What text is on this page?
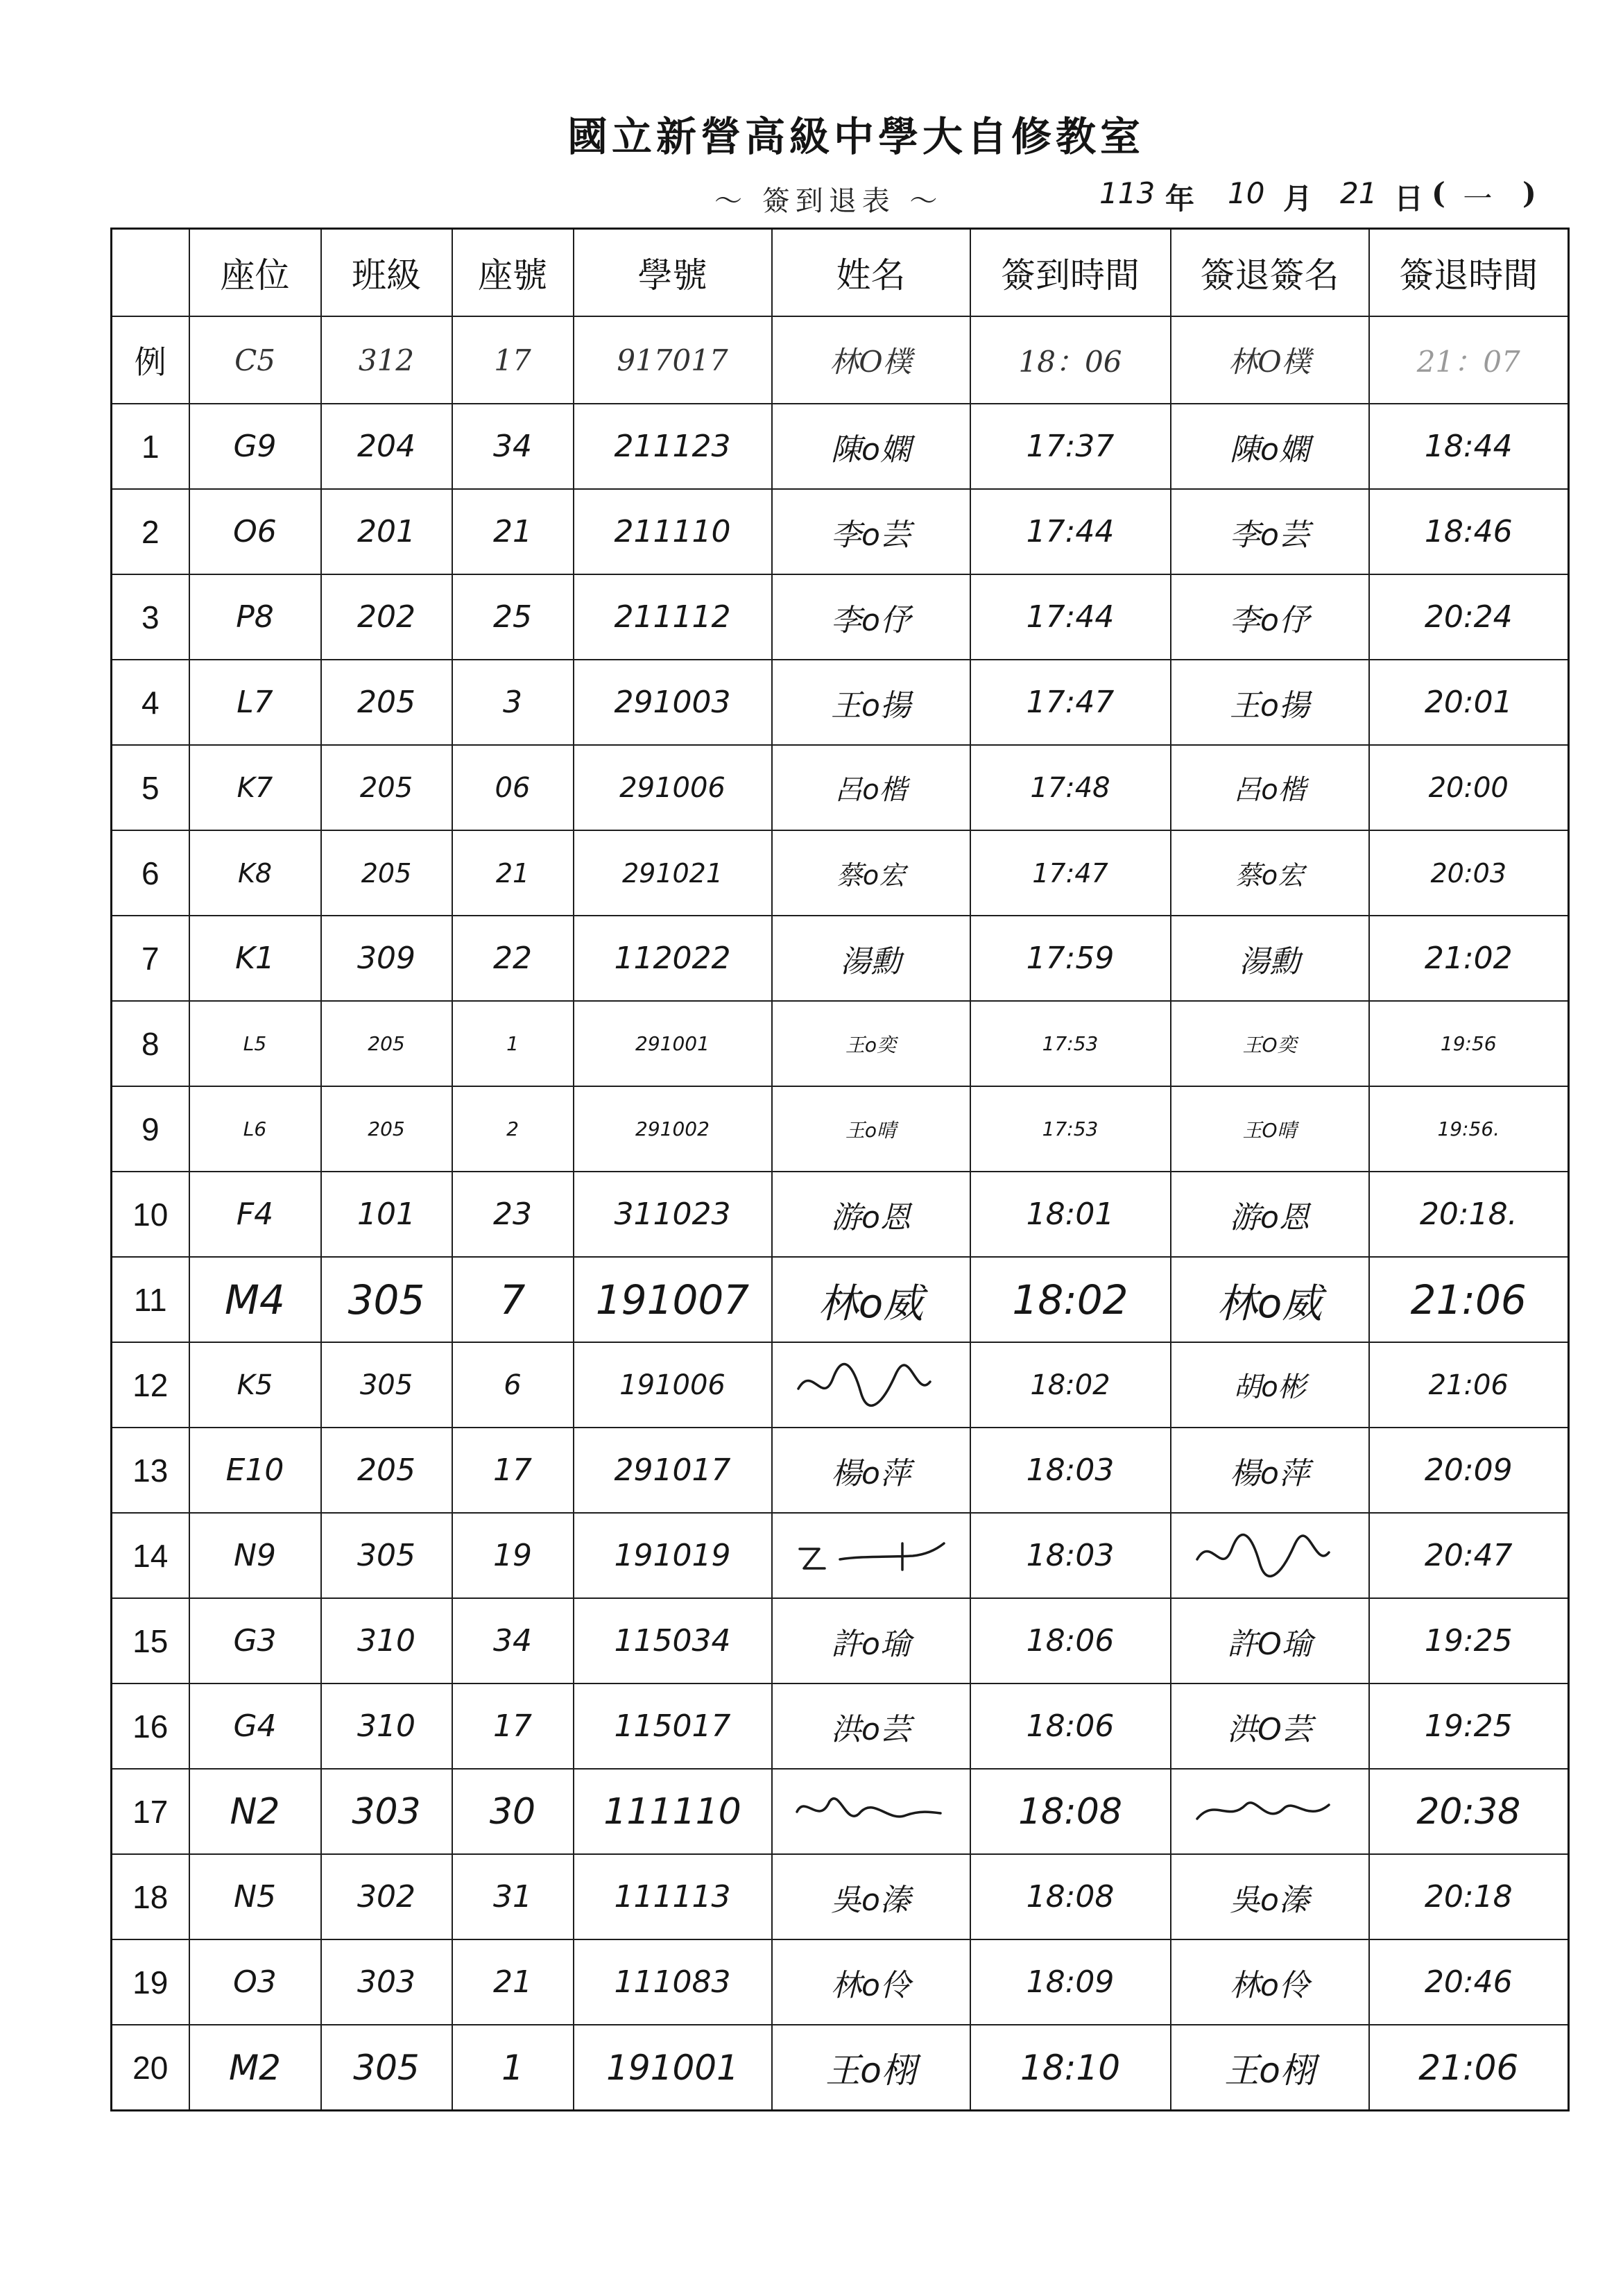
國立新營高級中學大自修教室
～ 簽到退表 ～	113 年 10 月 21 日 ( 一 )
	座位	班級	座號	學號	姓名	簽到時間	簽退簽名	簽退時間
例	C5	312	17	917017	林O樸	18：06	林O樸	21：07
1	G9	204	34	211123	陳o嫻	17:37	陳o嫻	18:44
2	O6	201	21	211110	李o芸	17:44	李o芸	18:46
3	P8	202	25	211112	李o伃	17:44	李o伃	20:24
4	L7	205	3	291003	王o揚	17:47	王o揚	20:01
5	K7	205	06	291006	呂o楷	17:48	呂o楷	20:00
6	K8	205	21	291021	蔡o宏	17:47	蔡o宏	20:03
7	K1	309	22	112022	湯勳	17:59	湯勳	21:02
8	L5	205	1	291001	王o奕	17:53	王O奕	19:56
9	L6	205	2	291002	王o晴	17:53	王O晴	19:56.
10	F4	101	23	311023	游o恩	18:01	游o恩	20:18.
11	M4	305	7	191007	林o威	18:02	林o威	21:06
12	K5	305	6	191006		18:02	胡o彬	21:06
13	E10	205	17	291017	楊o萍	18:03	楊o萍	20:09
14	N9	305	19	191019		18:03		20:47
15	G3	310	34	115034	許o瑜	18:06	許O瑜	19:25
16	G4	310	17	115017	洪o芸	18:06	洪O芸	19:25
17	N2	303	30	111110		18:08		20:38
18	N5	302	31	111113	吳o溱	18:08	吳o溱	20:18
19	O3	303	21	111083	林o伶	18:09	林o伶	20:46
20	M2	305	1	191001	王o栩	18:10	王o栩	21:06
